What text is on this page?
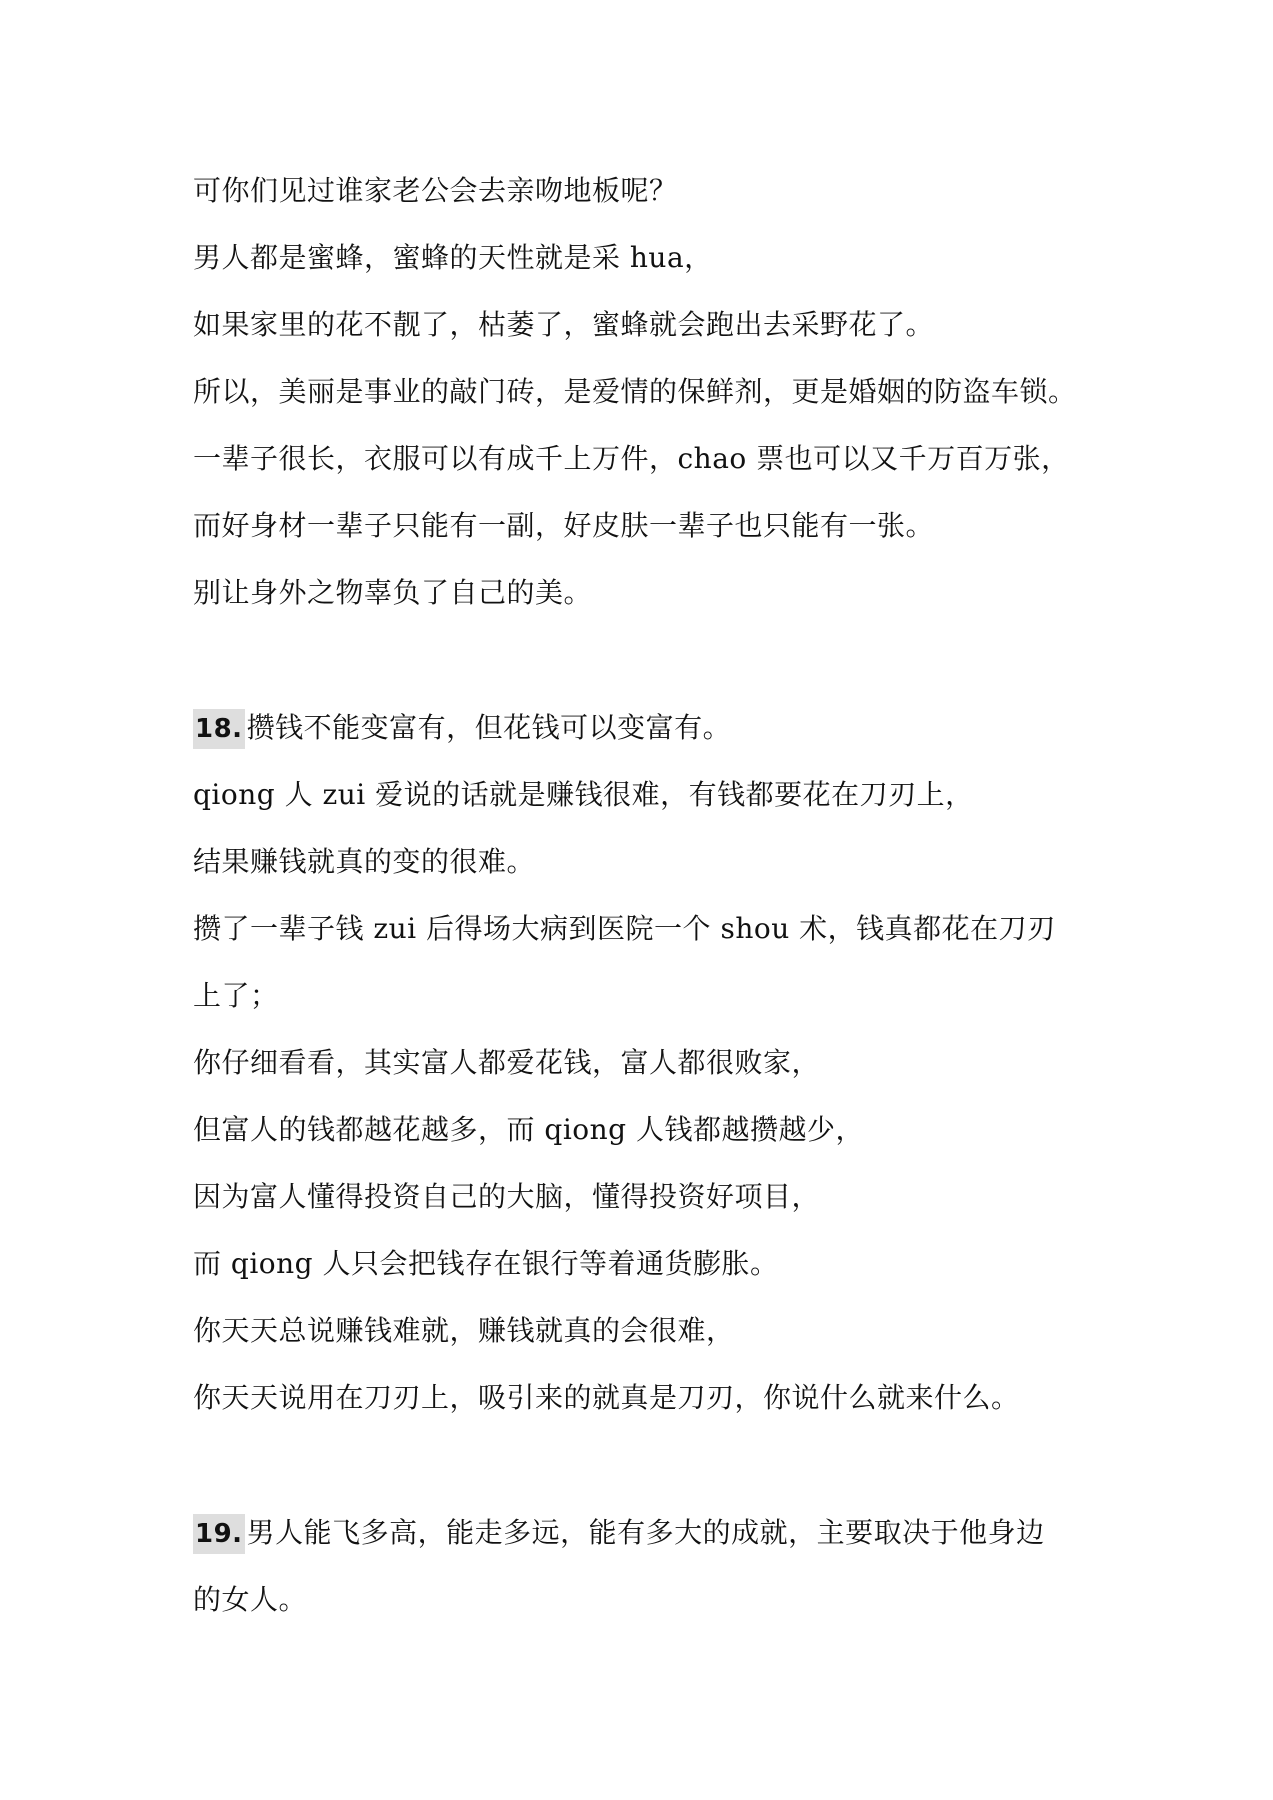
可你们见过谁家老公会去亲吻地板呢？
男人都是蜜蜂，蜜蜂的天性就是采 hua，
如果家里的花不靓了，枯萎了，蜜蜂就会跑出去采野花了。
所以，美丽是事业的敲门砖，是爱情的保鲜剂，更是婚姻的防盗车锁。
一辈子很长，衣服可以有成千上万件，chao 票也可以又千万百万张，
而好身材一辈子只能有一副，好皮肤一辈子也只能有一张。
别让身外之物辜负了自己的美。
18. 攒钱不能变富有，但花钱可以变富有。
qiong 人 zui 爱说的话就是赚钱很难，有钱都要花在刀刃上，
结果赚钱就真的变的很难。
攒了一辈子钱 zui 后得场大病到医院一个 shou 术，钱真都花在刀刃
上了；
你仔细看看，其实富人都爱花钱，富人都很败家，
但富人的钱都越花越多，而 qiong 人钱都越攒越少，
因为富人懂得投资自己的大脑，懂得投资好项目，
而 qiong 人只会把钱存在银行等着通货膨胀。
你天天总说赚钱难就，赚钱就真的会很难，
你天天说用在刀刃上，吸引来的就真是刀刃，你说什么就来什么。
19. 男人能飞多高，能走多远，能有多大的成就，主要取决于他身边
的女人。
